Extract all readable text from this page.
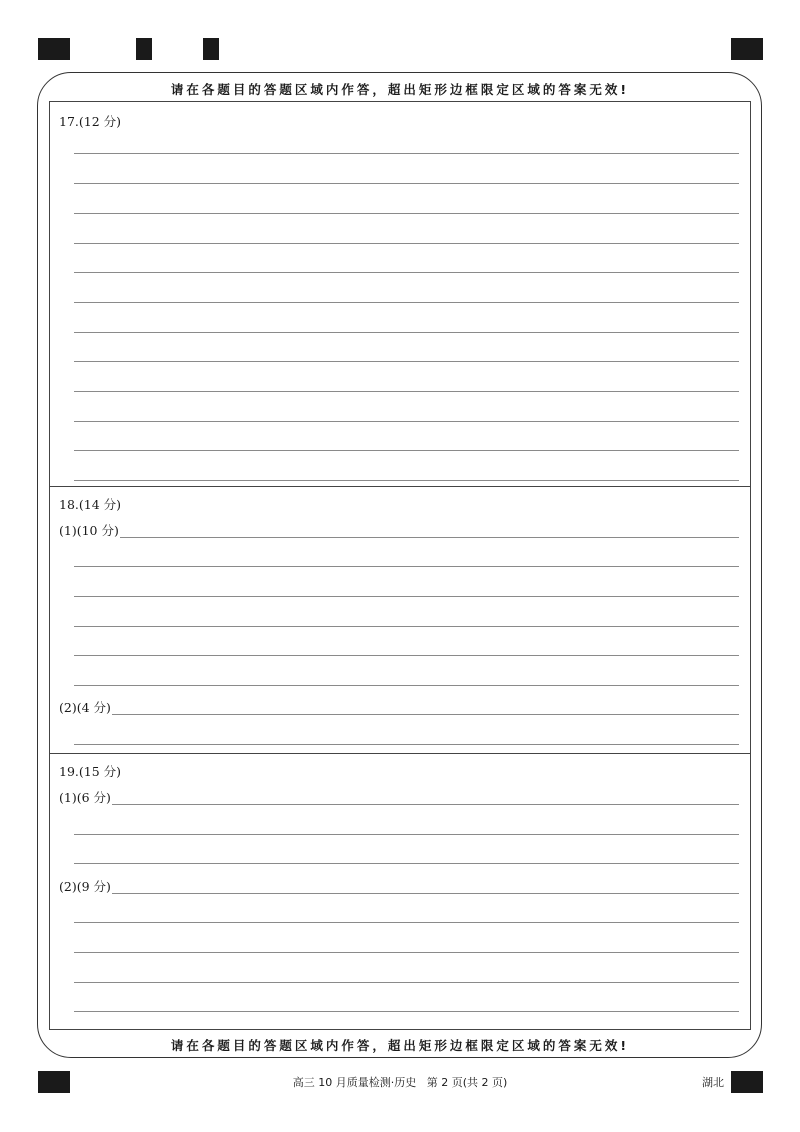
请在各题目的答题区域内作答，超出矩形边框限定区域的答案无效!
请在各题目的答题区域内作答，超出矩形边框限定区域的答案无效!
17.(12 分)
18.(14 分)
(1)(10 分)
(2)(4 分)
19.(15 分)
(1)(6 分)
(2)(9 分)
高三 10 月质量检测·历史 第 2 页(共 2 页)	湖北
